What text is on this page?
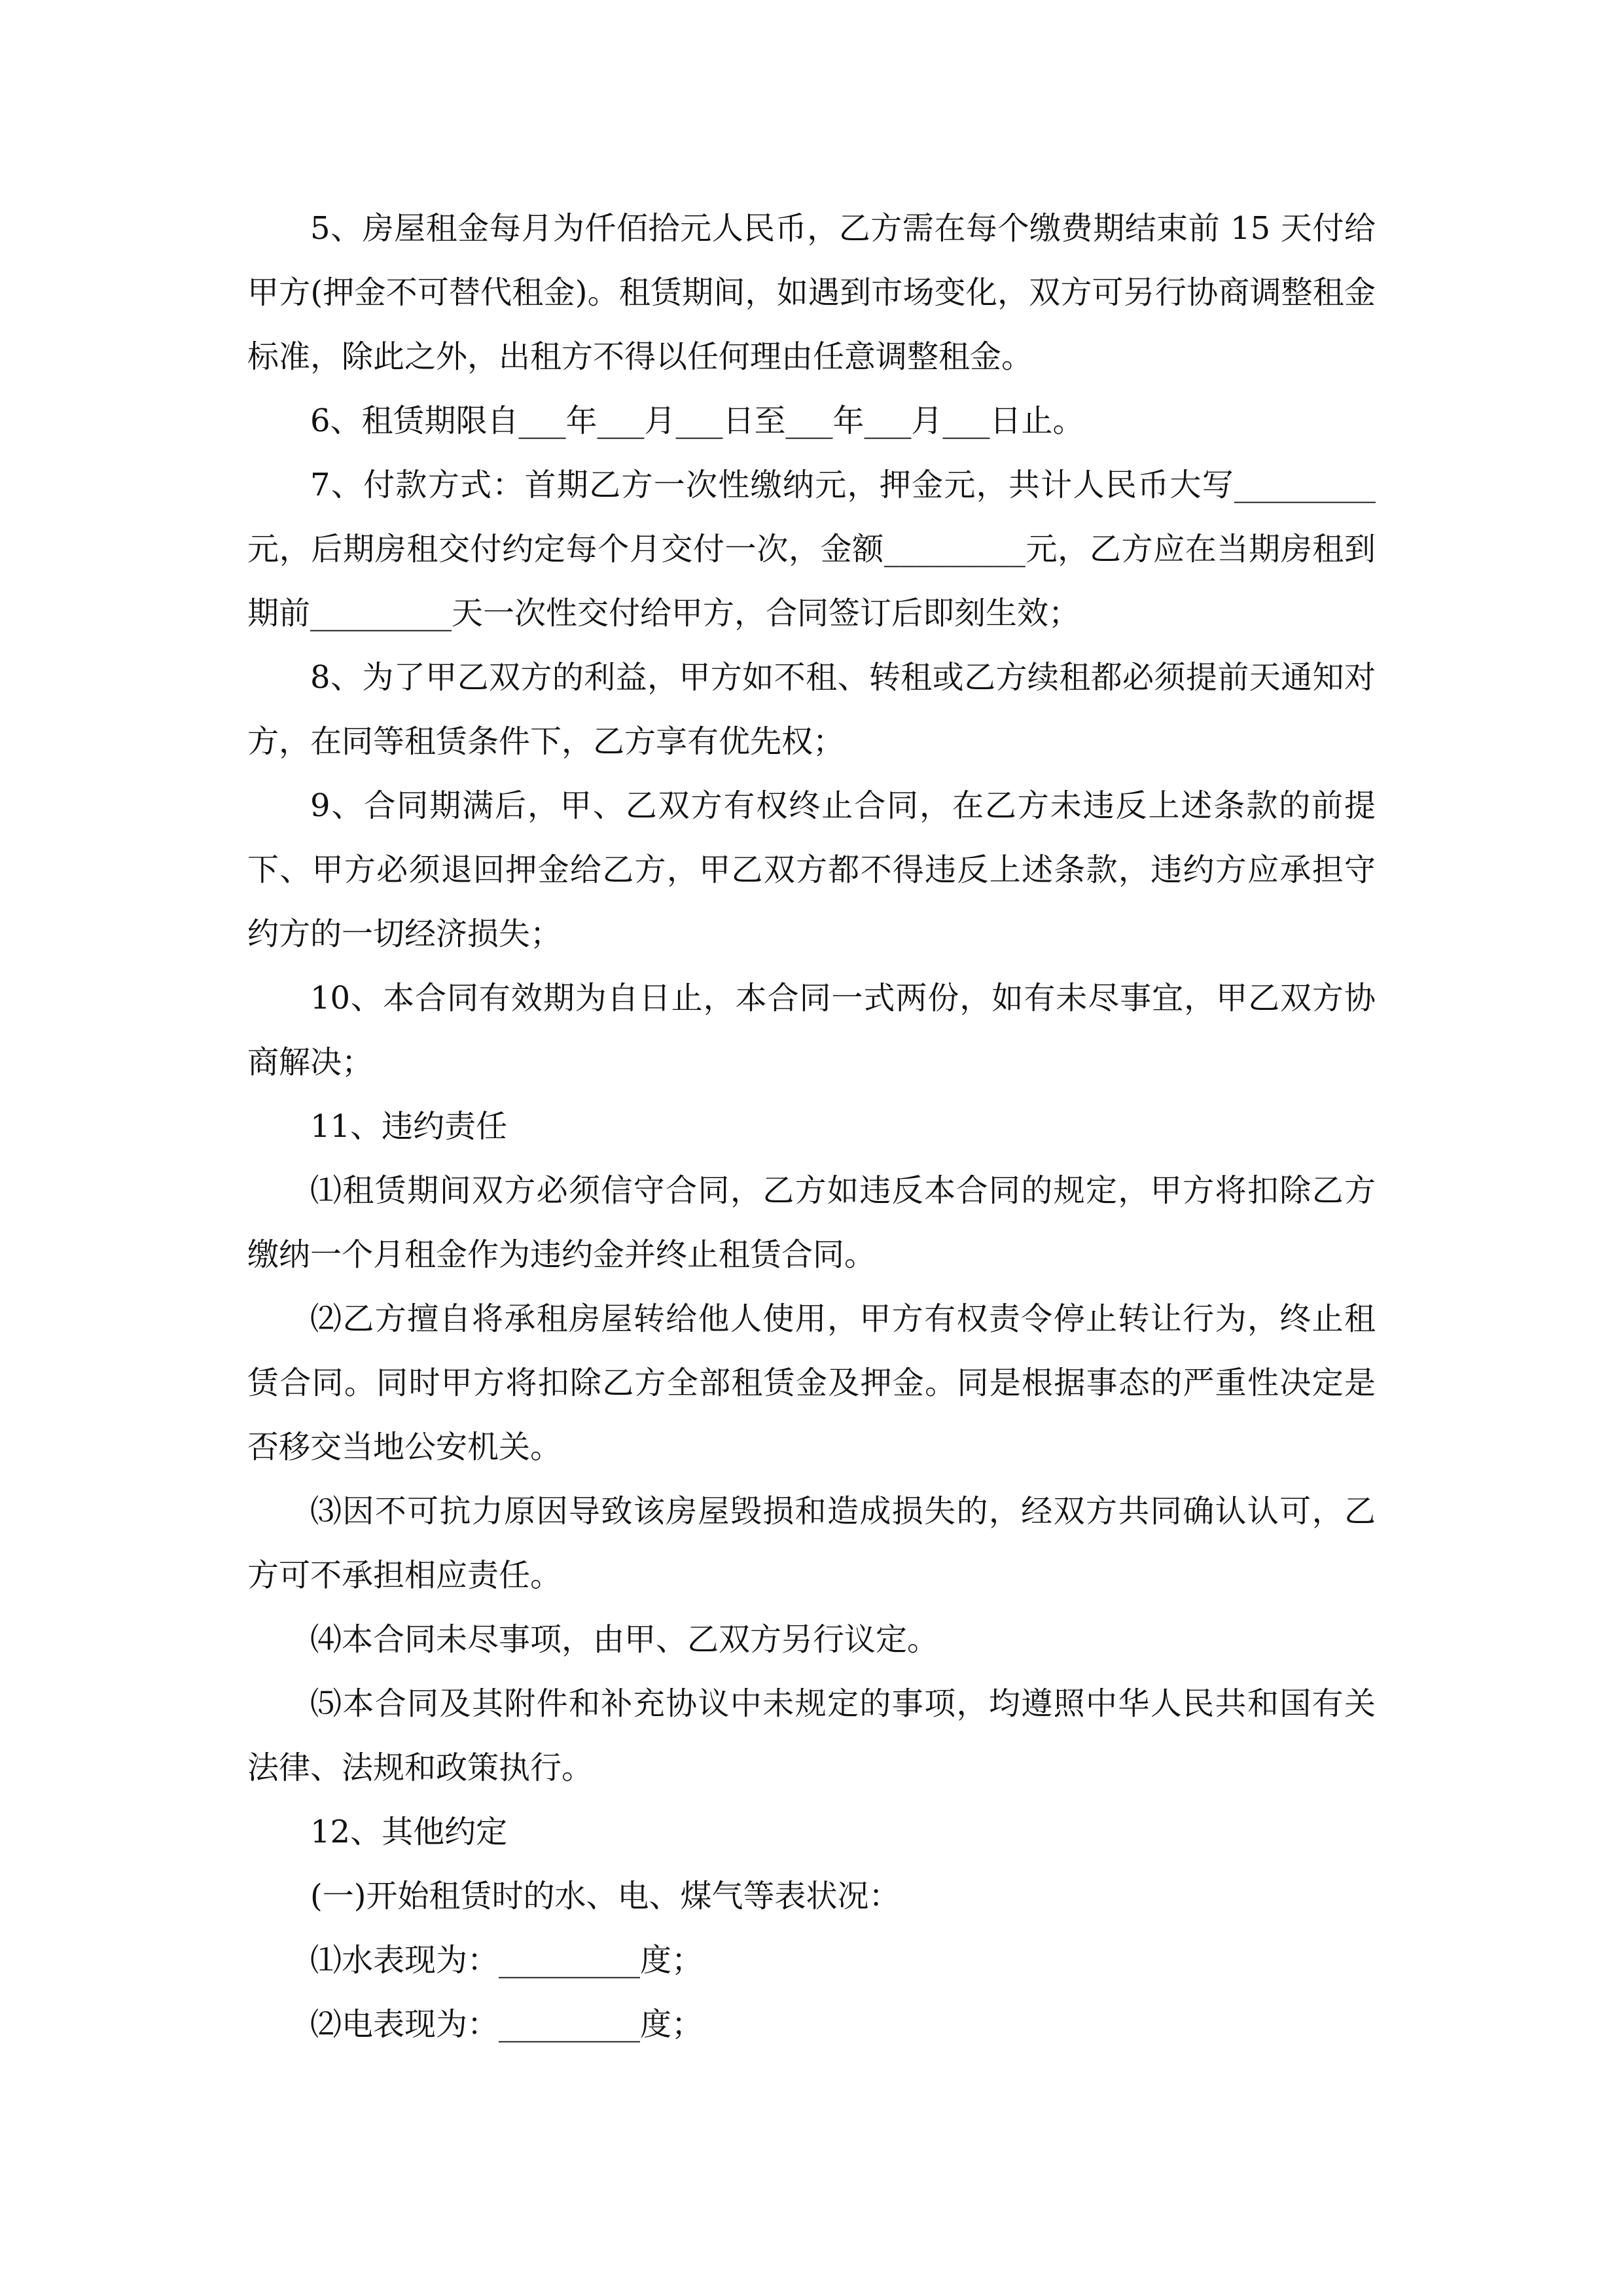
5、房屋租金每月为仟佰拾元人民币，乙方需在每个缴费期结束前 15 天付给甲方(押金不可替代租金)。租赁期间，如遇到市场变化，双方可另行协商调整租金标准，除此之外，出租方不得以任何理由任意调整租金。

6、租赁期限自___年___月___日至___年___月___日止。

7、付款方式：首期乙方一次性缴纳元，押金元，共计人民币大写_________元，后期房租交付约定每个月交付一次，金额_________元，乙方应在当期房租到期前_________天一次性交付给甲方，合同签订后即刻生效；

8、为了甲乙双方的利益，甲方如不租、转租或乙方续租都必须提前天通知对方，在同等租赁条件下，乙方享有优先权；

9、合同期满后，甲、乙双方有权终止合同，在乙方未违反上述条款的前提下、甲方必须退回押金给乙方，甲乙双方都不得违反上述条款，违约方应承担守约方的一切经济损失；

10、本合同有效期为自日止，本合同一式两份，如有未尽事宜，甲乙双方协商解决；

11、违约责任

⑴租赁期间双方必须信守合同，乙方如违反本合同的规定，甲方将扣除乙方缴纳一个月租金作为违约金并终止租赁合同。

⑵乙方擅自将承租房屋转给他人使用，甲方有权责令停止转让行为，终止租赁合同。同时甲方将扣除乙方全部租赁金及押金。同是根据事态的严重性决定是否移交当地公安机关。

⑶因不可抗力原因导致该房屋毁损和造成损失的，经双方共同确认认可，乙方可不承担相应责任。

⑷本合同未尽事项，由甲、乙双方另行议定。

⑸本合同及其附件和补充协议中未规定的事项，均遵照中华人民共和国有关法律、法规和政策执行。

12、其他约定

(一)开始租赁时的水、电、煤气等表状况：

⑴水表现为：_________度；

⑵电表现为：_________度；
